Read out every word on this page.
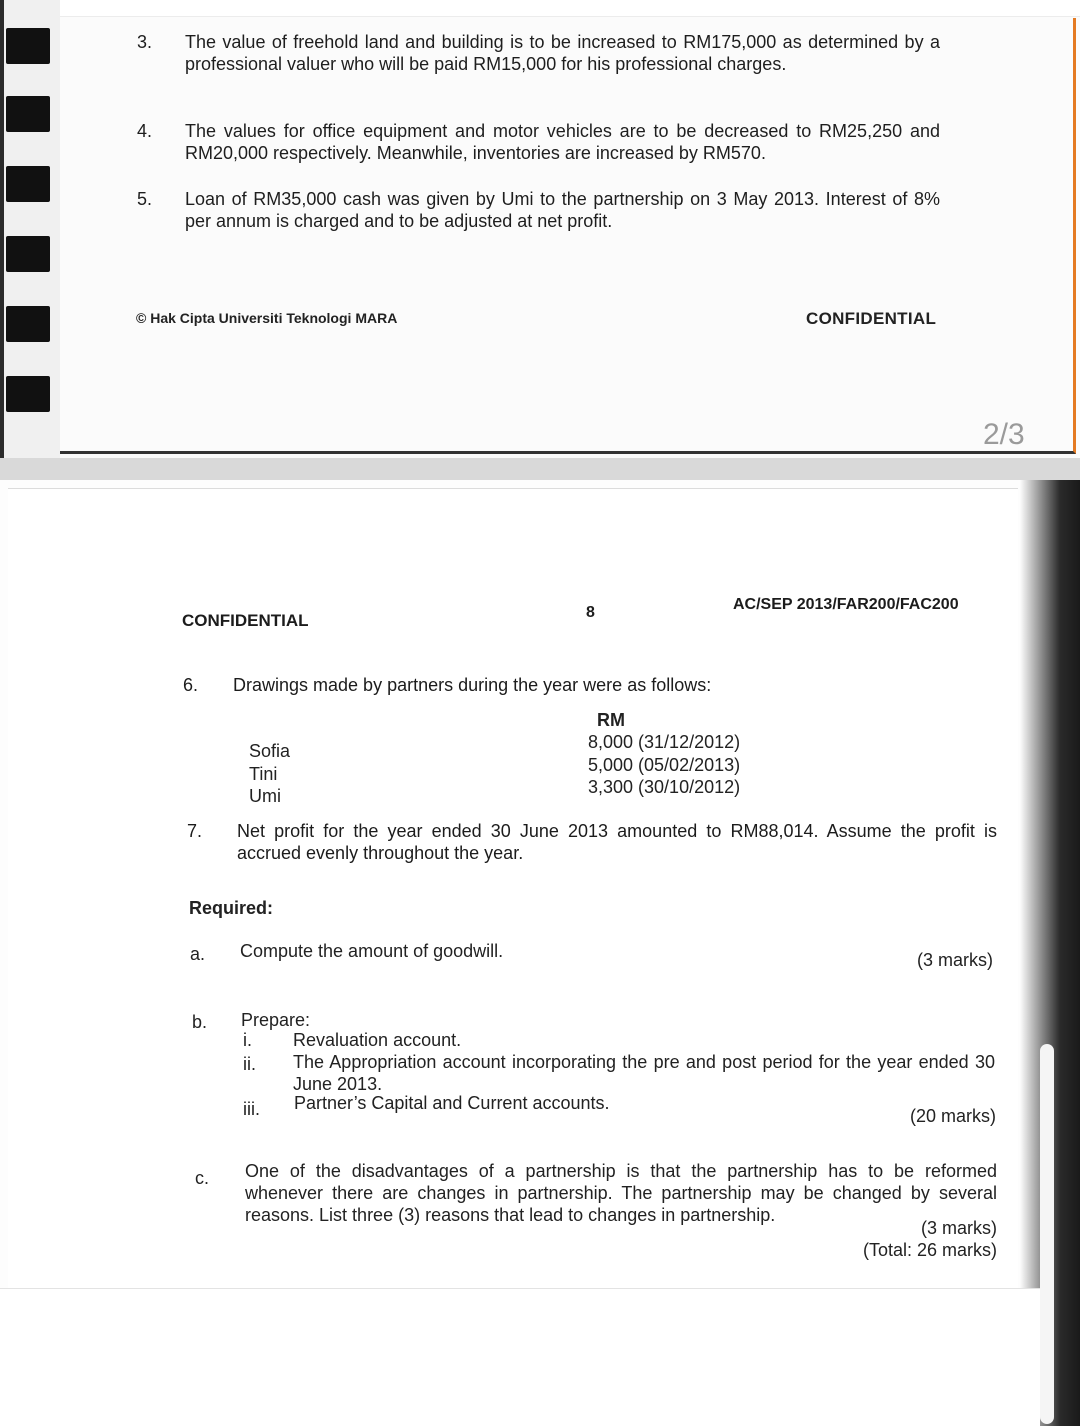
3. The value of freehold land and building is to be increased to RM175,000 as determined by a professional valuer who will be paid RM15,000 for his professional charges.
4. The values for office equipment and motor vehicles are to be decreased to RM25,250 and RM20,000 respectively. Meanwhile, inventories are increased by RM570.
5. Loan of RM35,000 cash was given by Umi to the partnership on 3 May 2013. Interest of 8% per annum is charged and to be adjusted at net profit.
© Hak Cipta Universiti Teknologi MARA	CONFIDENTIAL
2/3
CONFIDENTIAL	8	AC/SEP 2013/FAR200/FAC200
6. Drawings made by partners during the year were as follows:
RM
Sofia	8,000 (31/12/2012)
Tini	5,000 (05/02/2013)
Umi	3,300 (30/10/2012)
7. Net profit for the year ended 30 June 2013 amounted to RM88,014. Assume the profit is accrued evenly throughout the year.
Required:
a. Compute the amount of goodwill.	(3 marks)
b. Prepare:
i. Revaluation account.
ii. The Appropriation account incorporating the pre and post period for the year ended 30 June 2013.
iii. Partner’s Capital and Current accounts.
(20 marks)
c. One of the disadvantages of a partnership is that the partnership has to be reformed whenever there are changes in partnership. The partnership may be changed by several reasons. List three (3) reasons that lead to changes in partnership.
(3 marks)
(Total: 26 marks)
